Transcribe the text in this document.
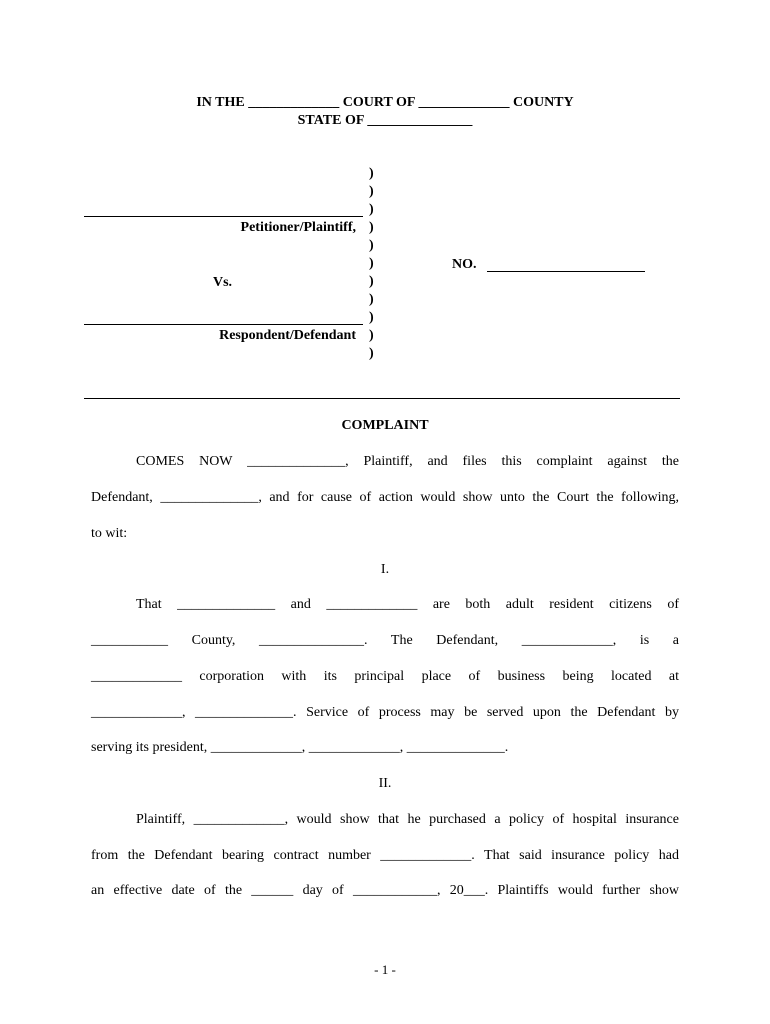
IN THE _____________ COURT OF _____________ COUNTY
STATE OF _______________
)
)
)
)
)
)
)
)
)
)
)
Petitioner/Plaintiff,
Vs.
Respondent/Defendant
NO.
COMPLAINT
COMES NOW ______________, Plaintiff, and files this complaint against the
Defendant, ______________, and for cause of action would show unto the Court the following,
to wit:
I.
That ______________ and _____________ are both adult resident citizens of
___________ County, _______________. The Defendant, _____________, is a
_____________ corporation with its principal place of business being located at
_____________, ______________. Service of process may be served upon the Defendant by
serving its president, _____________, _____________, ______________.
II.
Plaintiff, _____________, would show that he purchased a policy of hospital insurance
from the Defendant bearing contract number _____________. That said insurance policy had
an effective date of the ______ day of ____________, 20___. Plaintiffs would further show
- 1 -
